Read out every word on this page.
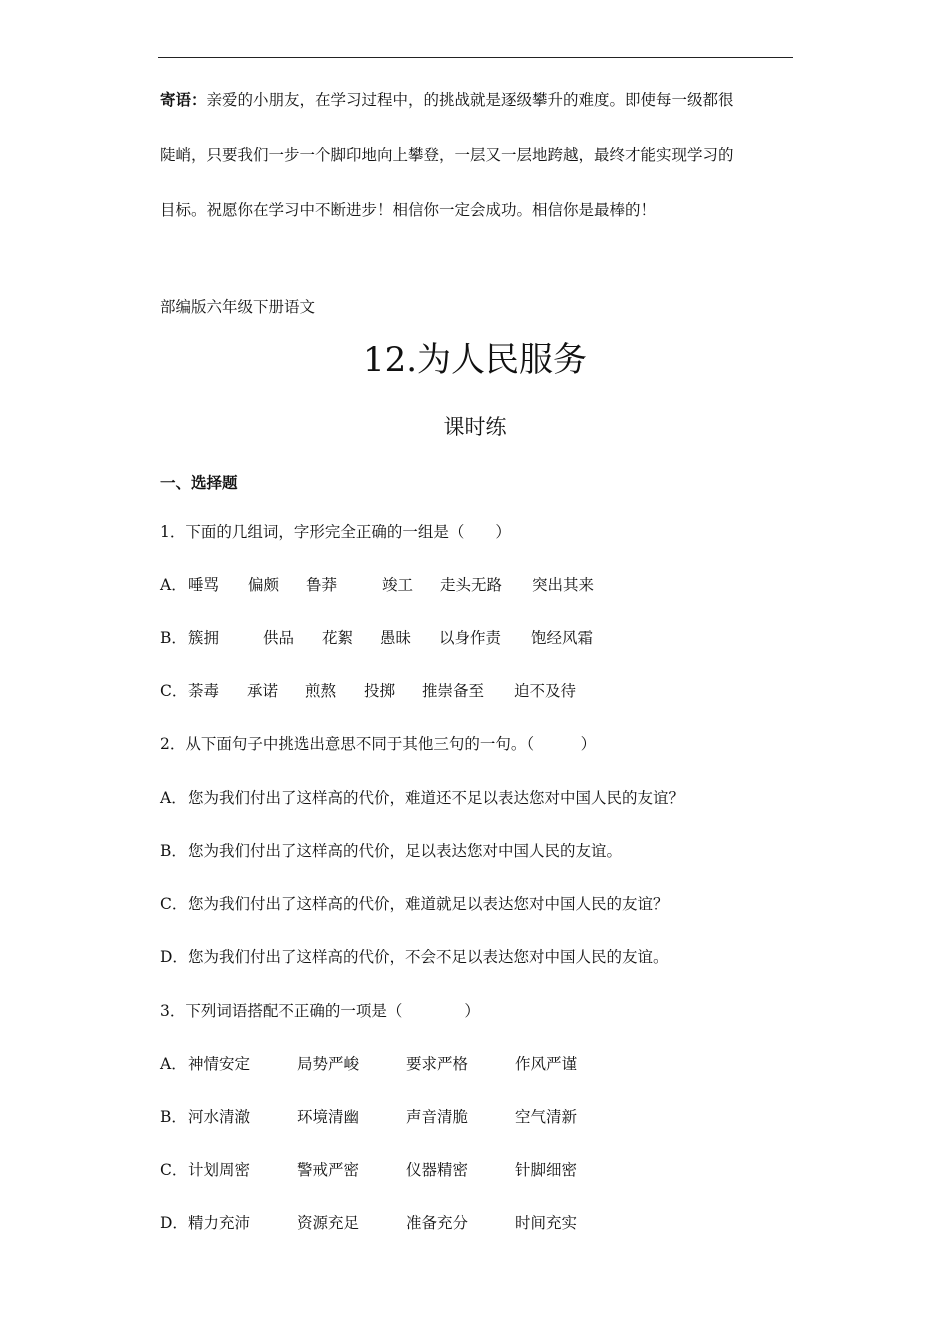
寄语：亲爱的小朋友，在学习过程中，的挑战就是逐级攀升的难度。即使每一级都很
陡峭，只要我们一步一个脚印地向上攀登，一层又一层地跨越，最终才能实现学习的
目标。祝愿你在学习中不断进步！相信你一定会成功。相信你是最棒的！
部编版六年级下册语文
12.为人民服务
课时练
一、选择题
1．下面的几组词，字形完全正确的一组是（　　）
A． 唾骂 偏颇 鲁莽	竣工 走头无路 突出其来
B． 簇拥	供品 花絮 愚昧 以身作责 饱经风霜
C． 荼毒 承诺 煎熬 投掷 推崇备至 迫不及待
2．从下面句子中挑选出意思不同于其他三句的一句。（　　　）
A． 您为我们付出了这样高的代价，难道还不足以表达您对中国人民的友谊？
B． 您为我们付出了这样高的代价，足以表达您对中国人民的友谊。
C． 您为我们付出了这样高的代价，难道就足以表达您对中国人民的友谊？
D． 您为我们付出了这样高的代价，不会不足以表达您对中国人民的友谊。
3．下列词语搭配不正确的一项是（　　　　）
A． 神情安定	局势严峻	要求严格	作风严谨
B． 河水清澈	环境清幽	声音清脆	空气清新
C． 计划周密	警戒严密	仪器精密	针脚细密
D． 精力充沛	资源充足	准备充分	时间充实
